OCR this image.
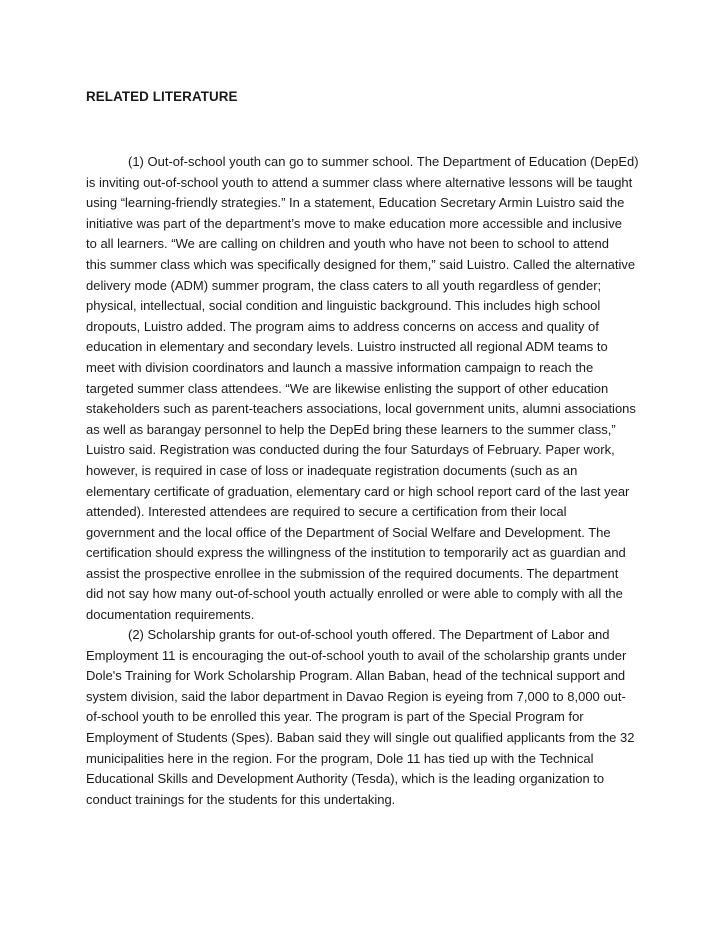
RELATED LITERATURE
(1) Out-of-school youth can go to summer school. The Department of Education (DepEd)
is inviting out-of-school youth to attend a summer class where alternative lessons will be taught
using “learning-friendly strategies.” In a statement, Education Secretary Armin Luistro said the
initiative was part of the department’s move to make education more accessible and inclusive
to all learners. “We are calling on children and youth who have not been to school to attend
this summer class which was specifically designed for them,” said Luistro. Called the alternative
delivery mode (ADM) summer program, the class caters to all youth regardless of gender;
physical, intellectual, social condition and linguistic background. This includes high school
dropouts, Luistro added. The program aims to address concerns on access and quality of
education in elementary and secondary levels. Luistro instructed all regional ADM teams to
meet with division coordinators and launch a massive information campaign to reach the
targeted summer class attendees. “We are likewise enlisting the support of other education
stakeholders such as parent-teachers associations, local government units, alumni associations
as well as barangay personnel to help the DepEd bring these learners to the summer class,”
Luistro said. Registration was conducted during the four Saturdays of February. Paper work,
however, is required in case of loss or inadequate registration documents (such as an
elementary certificate of graduation, elementary card or high school report card of the last year
attended). Interested attendees are required to secure a certification from their local
government and the local office of the Department of Social Welfare and Development. The
certification should express the willingness of the institution to temporarily act as guardian and
assist the prospective enrollee in the submission of the required documents. The department
did not say how many out-of-school youth actually enrolled or were able to comply with all the
documentation requirements.
(2) Scholarship grants for out-of-school youth offered. The Department of Labor and
Employment 11 is encouraging the out-of-school youth to avail of the scholarship grants under
Dole's Training for Work Scholarship Program. Allan Baban, head of the technical support and
system division, said the labor department in Davao Region is eyeing from 7,000 to 8,000 out-
of-school youth to be enrolled this year. The program is part of the Special Program for
Employment of Students (Spes). Baban said they will single out qualified applicants from the 32
municipalities here in the region. For the program, Dole 11 has tied up with the Technical
Educational Skills and Development Authority (Tesda), which is the leading organization to
conduct trainings for the students for this undertaking.
